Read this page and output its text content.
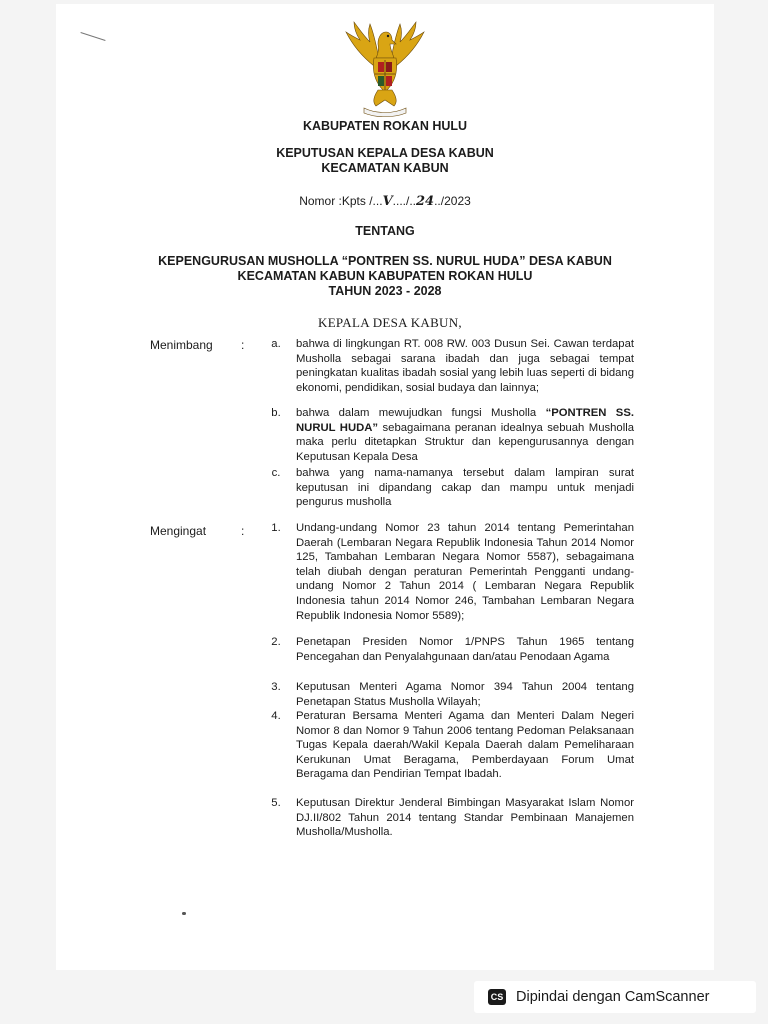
KABUPATEN ROKAN HULU
KEPUTUSAN KEPALA DESA KABUN
KECAMATAN KABUN
Nomor :Kpts /...V..../..24../2023
TENTANG
KEPENGURUSAN MUSHOLLA “PONTREN SS. NURUL HUDA” DESA KABUN
KECAMATAN KABUN KABUPATEN ROKAN HULU
TAHUN 2023 - 2028
KEPALA DESA KABUN,
Menimbang :	a.	bahwa di lingkungan RT. 008 RW. 003 Dusun Sei. Cawan terdapat Musholla sebagai sarana ibadah dan juga sebagai tempat peningkatan kualitas ibadah sosial yang lebih luas seperti di bidang ekonomi, pendidikan, sosial budaya dan lainnya;
b.	bahwa dalam mewujudkan fungsi Musholla “PONTREN SS. NURUL HUDA” sebagaimana peranan idealnya sebuah Musholla maka perlu ditetapkan Struktur dan kepengurusannya dengan Keputusan Kepala Desa
c.	bahwa yang nama-namanya tersebut dalam lampiran surat keputusan ini dipandang cakap dan mampu untuk menjadi pengurus musholla
Mengingat	:	1.	Undang-undang Nomor 23 tahun 2014 tentang Pemerintahan Daerah (Lembaran Negara Republik Indonesia Tahun 2014 Nomor 125, Tambahan Lembaran Negara Nomor 5587), sebagaimana telah diubah dengan peraturan Pemerintah Pengganti undang-undang Nomor 2 Tahun 2014 ( Lembaran Negara Republik Indonesia tahun 2014 Nomor 246, Tambahan Lembaran Negara Republik Indonesia Nomor 5589);
2.	Penetapan Presiden Nomor 1/PNPS Tahun 1965 tentang Pencegahan dan Penyalahgunaan dan/atau Penodaan Agama
3.	Keputusan Menteri Agama Nomor 394 Tahun 2004 tentang Penetapan Status Musholla Wilayah;
4.	Peraturan Bersama Menteri Agama dan Menteri Dalam Negeri Nomor 8 dan Nomor 9 Tahun 2006 tentang Pedoman Pelaksanaan Tugas Kepala daerah/Wakil Kepala Daerah dalam Pemeliharaan Kerukunan Umat Beragama, Pemberdayaan Forum Umat Beragama dan Pendirian Tempat Ibadah.
5.	Keputusan Direktur Jenderal Bimbingan Masyarakat Islam Nomor DJ.II/802 Tahun 2014 tentang Standar Pembinaan Manajemen Musholla/Musholla.
CS Dipindai dengan CamScanner
